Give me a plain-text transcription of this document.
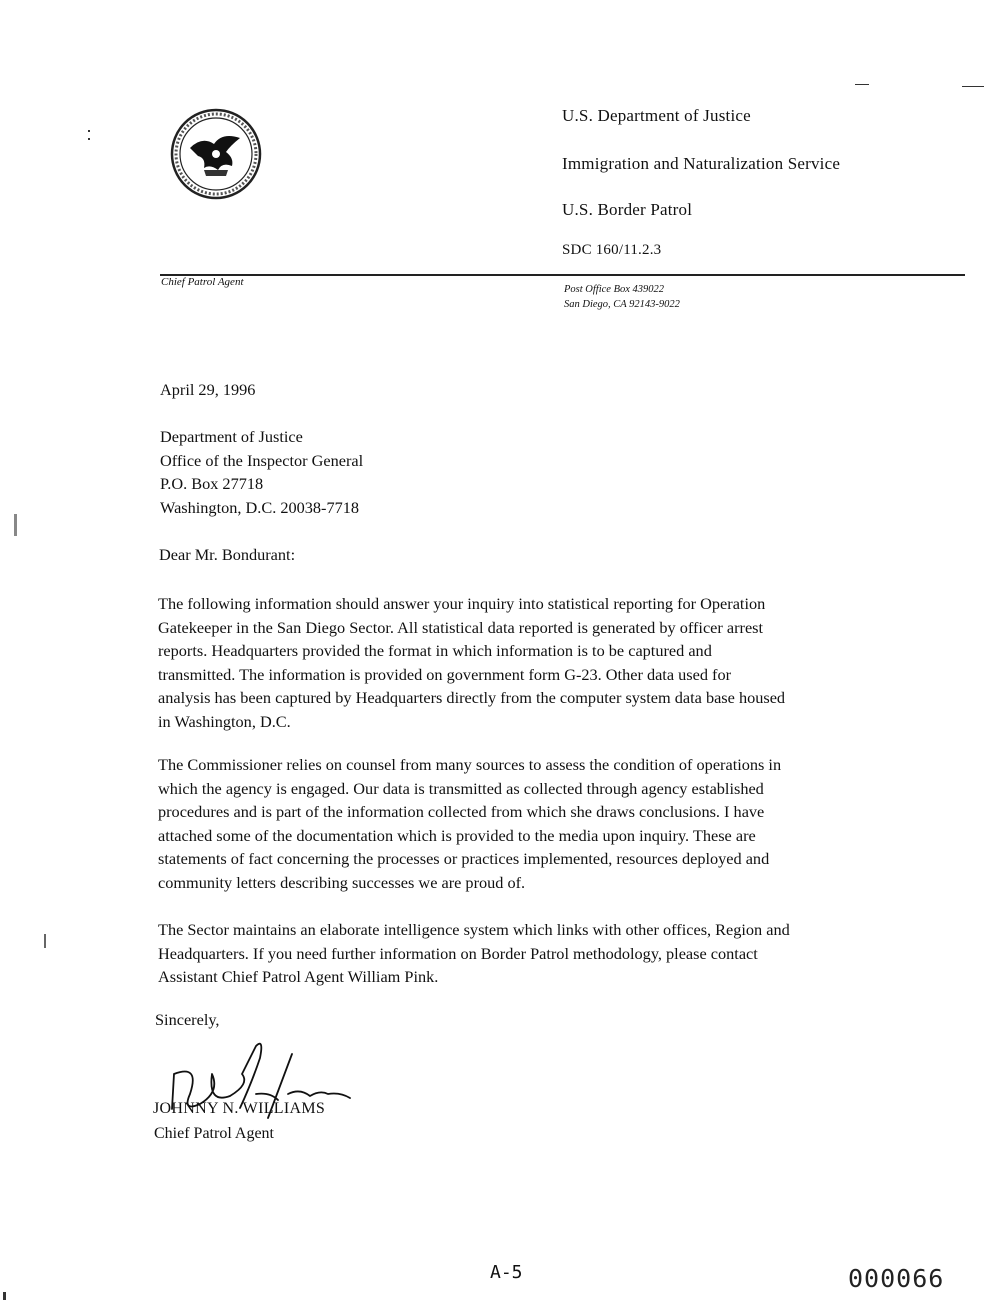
U.S. Department of Justice
Immigration and Naturalization Service
U.S. Border Patrol
SDC 160/11.2.3
Chief Patrol Agent
Post Office Box 439022
San Diego, CA 92143-9022
April 29, 1996
Department of Justice
Office of the Inspector General
P.O. Box 27718
Washington, D.C. 20038-7718
Dear Mr. Bondurant:
The following information should answer your inquiry into statistical reporting for Operation
Gatekeeper in the San Diego Sector. All statistical data reported is generated by officer arrest
reports. Headquarters provided the format in which information is to be captured and
transmitted. The information is provided on government form G-23. Other data used for
analysis has been captured by Headquarters directly from the computer system data base housed
in Washington, D.C.
The Commissioner relies on counsel from many sources to assess the condition of operations in
which the agency is engaged. Our data is transmitted as collected through agency established
procedures and is part of the information collected from which she draws conclusions. I have
attached some of the documentation which is provided to the media upon inquiry. These are
statements of fact concerning the processes or practices implemented, resources deployed and
community letters describing successes we are proud of.
The Sector maintains an elaborate intelligence system which links with other offices, Region and
Headquarters. If you need further information on Border Patrol methodology, please contact
Assistant Chief Patrol Agent William Pink.
Sincerely,
JOHNNY N. WILLIAMS
Chief Patrol Agent
A-5	000066
